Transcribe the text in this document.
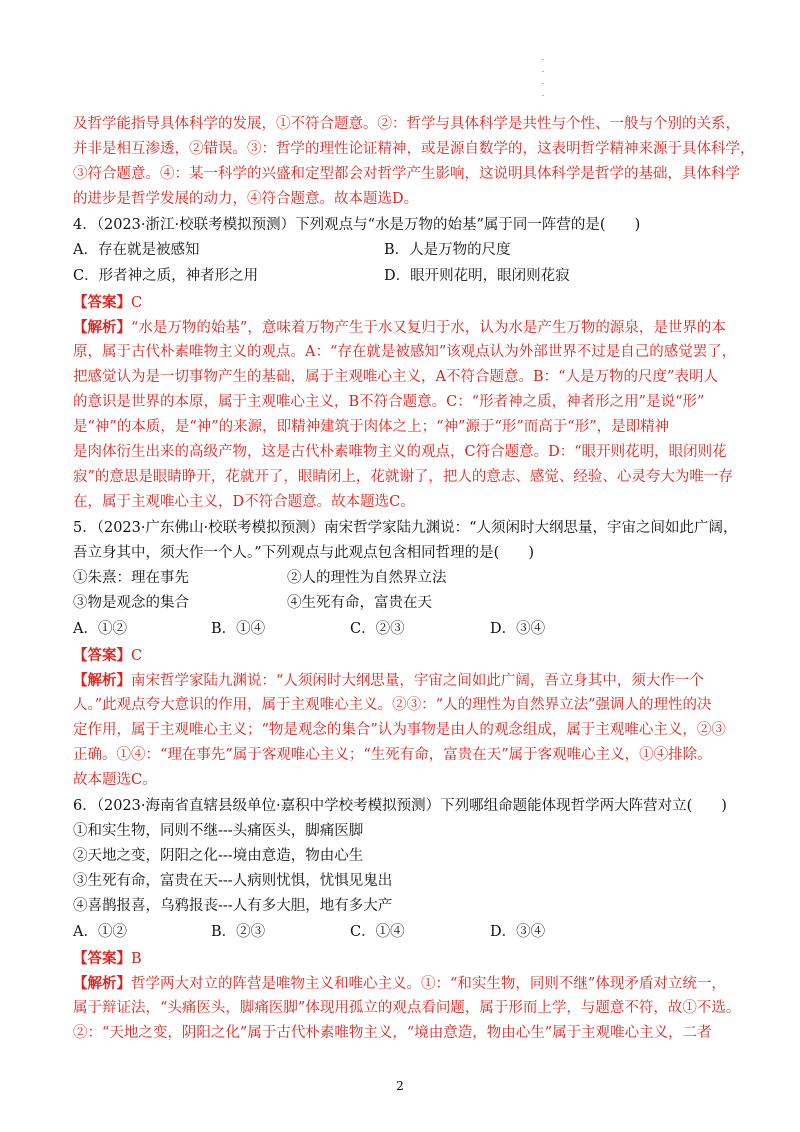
.
.
.
.
及哲学能指导具体科学的发展，①不符合题意。②：哲学与具体科学是共性与个性、一般与个别的关系，
并非是相互渗透，②错误。③：哲学的理性论证精神，或是源自数学的，这表明哲学精神来源于具体科学，
③符合题意。④：某一科学的兴盛和定型都会对哲学产生影响，这说明具体科学是哲学的基础，具体科学
的进步是哲学发展的动力，④符合题意。故本题选D。
4．（2023·浙江·校联考模拟预测）下列观点与“水是万物的始基”属于同一阵营的是(　　)
A．存在就是被感知	B．人是万物的尺度
C．形者神之质，神者形之用	D．眼开则花明，眼闭则花寂
【答案】C
【解析】“水是万物的始基”，意味着万物产生于水又复归于水，认为水是产生万物的源泉，是世界的本
原，属于古代朴素唯物主义的观点。A：“存在就是被感知”该观点认为外部世界不过是自己的感觉罢了，
把感觉认为是一切事物产生的基础，属于主观唯心主义，A不符合题意。B：“人是万物的尺度”表明人
的意识是世界的本原，属于主观唯心主义，B不符合题意。C：“形者神之质，神者形之用”是说“形”
是“神”的本质，是“神”的来源，即精神建筑于肉体之上；“神”源于“形”而高于“形”，是即精神
是肉体衍生出来的高级产物，这是古代朴素唯物主义的观点，C符合题意。D：“眼开则花明，眼闭则花
寂”的意思是眼睛睁开，花就开了，眼睛闭上，花就谢了，把人的意志、感觉、经验、心灵夸大为唯一存
在，属于主观唯心主义，D不符合题意。故本题选C。
5．（2023·广东佛山·校联考模拟预测）南宋哲学家陆九渊说：“人须闲时大纲思量，宇宙之间如此广阔，
吾立身其中，须大作一个人。”下列观点与此观点包含相同哲理的是(　　)
①朱熹：理在事先	②人的理性为自然界立法
③物是观念的集合	④生死有命，富贵在天
A．①②	B．①④	C．②③	D．③④
【答案】C
【解析】南宋哲学家陆九渊说：“人须闲时大纲思量，宇宙之间如此广阔，吾立身其中，须大作一个
人。”此观点夸大意识的作用，属于主观唯心主义。②③：“人的理性为自然界立法”强调人的理性的决
定作用，属于主观唯心主义；“物是观念的集合”认为事物是由人的观念组成，属于主观唯心主义，②③
正确。①④：“理在事先”属于客观唯心主义；“生死有命，富贵在天”属于客观唯心主义，①④排除。
故本题选C。
6．（2023·海南省直辖县级单位·嘉积中学校考模拟预测）下列哪组命题能体现哲学两大阵营对立(　　)
①和实生物，同则不继---头痛医头，脚痛医脚
②天地之变，阴阳之化---境由意造，物由心生
③生死有命，富贵在天---人病则忧惧，忧惧见鬼出
④喜鹊报喜，乌鸦报丧---人有多大胆，地有多大产
A．①②	B．②③	C．①④	D．③④
【答案】B
【解析】哲学两大对立的阵营是唯物主义和唯心主义。①：“和实生物，同则不继”体现矛盾对立统一，
属于辩证法，“头痛医头，脚痛医脚”体现用孤立的观点看问题，属于形而上学，与题意不符，故①不选。
②：“天地之变，阴阳之化”属于古代朴素唯物主义，“境由意造，物由心生”属于主观唯心主义，二者
2
